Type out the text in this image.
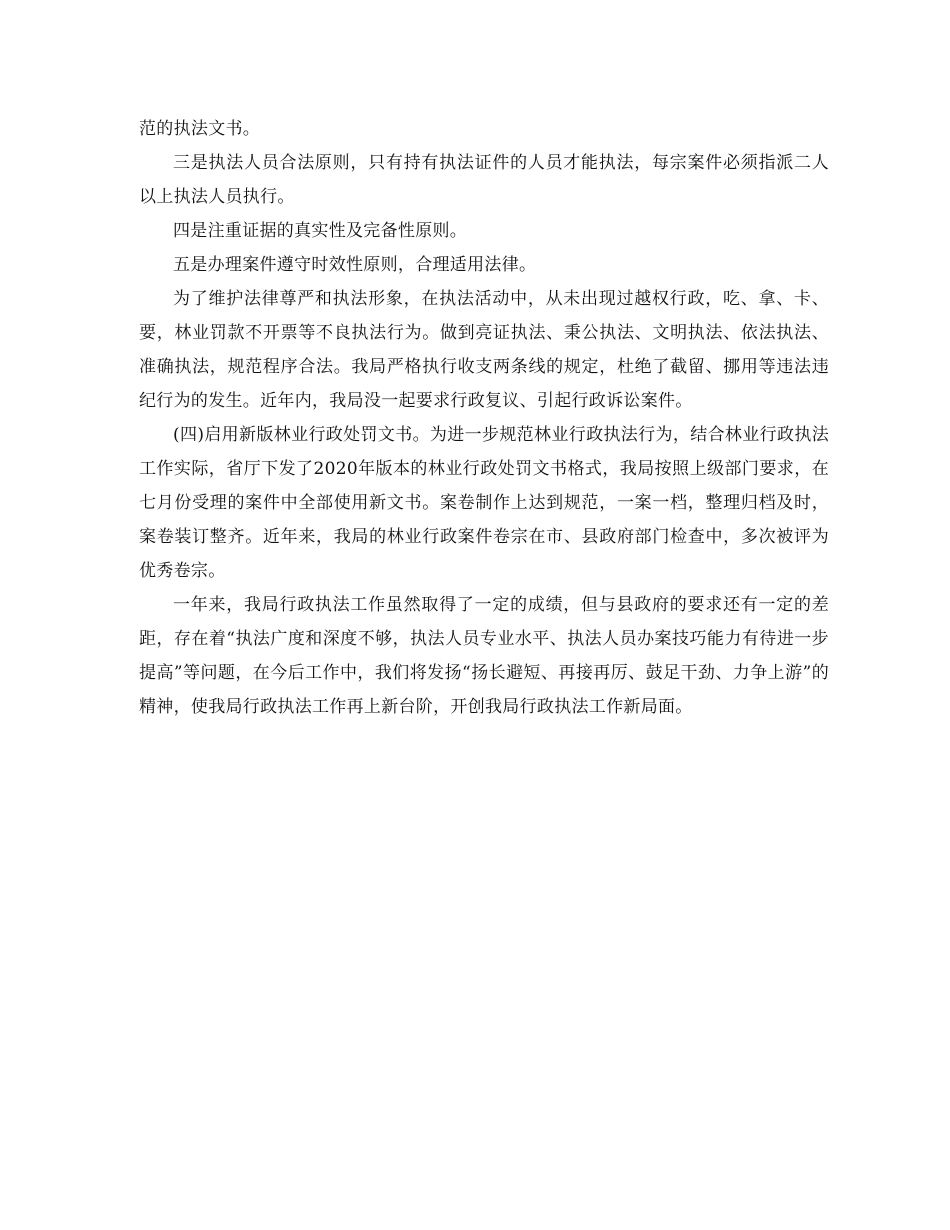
范的执法文书。

三是执法人员合法原则，只有持有执法证件的人员才能执法，每宗案件必须指派二人以上执法人员执行。

四是注重证据的真实性及完备性原则。

五是办理案件遵守时效性原则，合理适用法律。

为了维护法律尊严和执法形象，在执法活动中，从未出现过越权行政，吃、拿、卡、要，林业罚款不开票等不良执法行为。做到亮证执法、秉公执法、文明执法、依法执法、准确执法，规范程序合法。我局严格执行收支两条线的规定，杜绝了截留、挪用等违法违纪行为的发生。近年内，我局没一起要求行政复议、引起行政诉讼案件。

(四)启用新版林业行政处罚文书。为进一步规范林业行政执法行为，结合林业行政执法工作实际，省厅下发了2020年版本的林业行政处罚文书格式，我局按照上级部门要求，在七月份受理的案件中全部使用新文书。案卷制作上达到规范，一案一档，整理归档及时，案卷装订整齐。近年来，我局的林业行政案件卷宗在市、县政府部门检查中，多次被评为优秀卷宗。

一年来，我局行政执法工作虽然取得了一定的成绩，但与县政府的要求还有一定的差距，存在着“执法广度和深度不够，执法人员专业水平、执法人员办案技巧能力有待进一步提高”等问题，在今后工作中，我们将发扬“扬长避短、再接再厉、鼓足干劲、力争上游”的精神，使我局行政执法工作再上新台阶，开创我局行政执法工作新局面。
